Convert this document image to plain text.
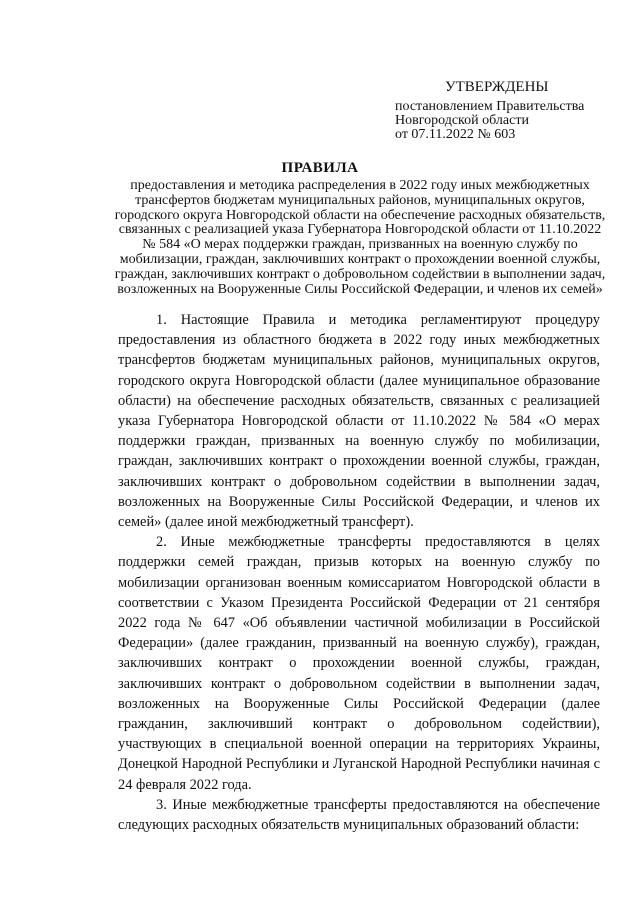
УТВЕРЖДЕНЫ
постановлением Правительства
Новгородской области
от 07.11.2022 № 603
ПРАВИЛА
предоставления и методика распределения в 2022 году иных межбюджетных трансфертов бюджетам муниципальных районов, муниципальных округов, городского округа Новгородской области на обеспечение расходных обязательств, связанных с реализацией указа Губернатора Новгородской области от 11.10.2022 № 584 «О мерах поддержки граждан, призванных на военную службу по мобилизации, граждан, заключивших контракт о прохождении военной службы, граждан, заключивших контракт о добровольном содействии в выполнении задач, возложенных на Вооруженные Силы Российской Федерации, и членов их семей»

1. Настоящие Правила и методика регламентируют процедуру предоставления из областного бюджета в 2022 году иных межбюджетных трансфертов бюджетам муниципальных районов, муниципальных округов, городского округа Новгородской области (далее муниципальное образование области) на обеспечение расходных обязательств, связанных с реализацией указа Губернатора Новгородской области от 11.10.2022 № 584 «О мерах поддержки граждан, призванных на военную службу по мобилизации, граждан, заключивших контракт о прохождении военной службы, граждан, заключивших контракт о добровольном содействии в выполнении задач, возложенных на Вооруженные Силы Российской Федерации, и членов их семей» (далее иной межбюджетный трансферт).

2. Иные межбюджетные трансферты предоставляются в целях поддержки семей граждан, призыв которых на военную службу по мобилизации организован военным комиссариатом Новгородской области в соответствии с Указом Президента Российской Федерации от 21 сентября 2022 года № 647 «Об объявлении частичной мобилизации в Российской Федерации» (далее гражданин, призванный на военную службу), граждан, заключивших контракт о прохождении военной службы, граждан, заключивших контракт о добровольном содействии в выполнении задач, возложенных на Вооруженные Силы Российской Федерации (далее гражданин, заключивший контракт о добровольном содействии), участвующих в специальной военной операции на территориях Украины, Донецкой Народной Республики и Луганской Народной Республики начиная с 24 февраля 2022 года.

3. Иные межбюджетные трансферты предоставляются на обеспечение следующих расходных обязательств муниципальных образований области:
